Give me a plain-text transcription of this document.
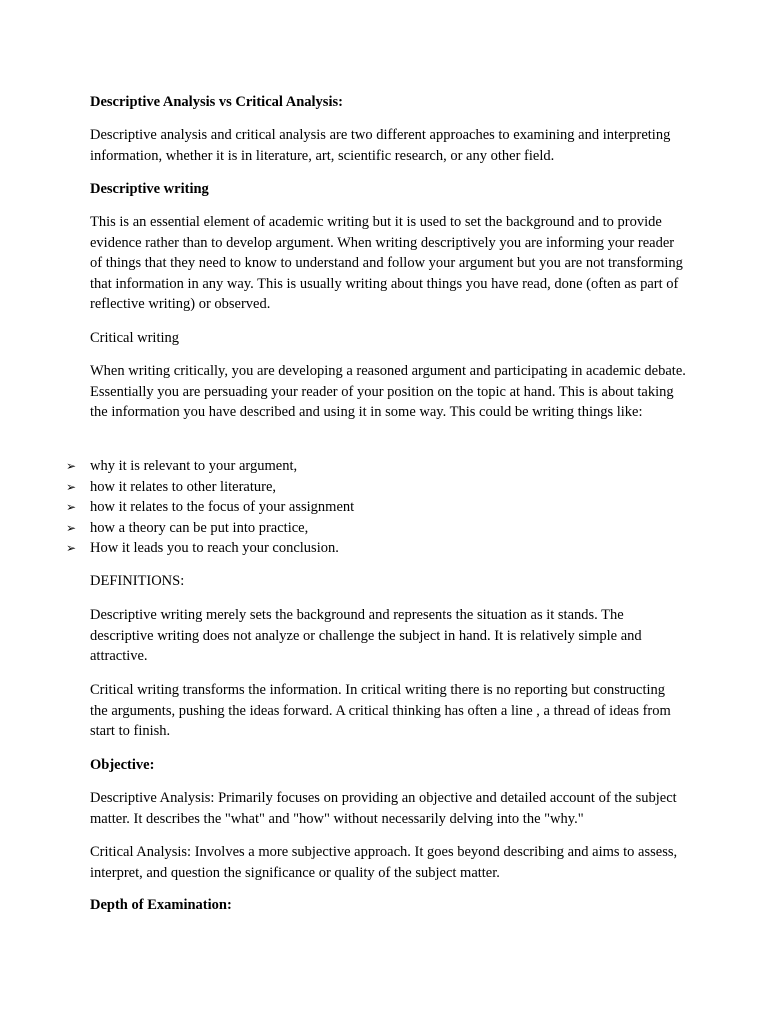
Descriptive Analysis vs Critical Analysis:

Descriptive analysis and critical analysis are two different approaches to examining and interpreting information, whether it is in literature, art, scientific research, or any other field.

Descriptive writing

This is an essential element of academic writing but it is used to set the background and to provide evidence rather than to develop argument. When writing descriptively you are informing your reader of things that they need to know to understand and follow your argument but you are not transforming that information in any way. This is usually writing about things you have read, done (often as part of reflective writing) or observed.

Critical writing

When writing critically, you are developing a reasoned argument and participating in academic debate. Essentially you are persuading your reader of your position on the topic at hand. This is about taking the information you have described and using it in some way. This could be writing things like:

➢ why it is relevant to your argument,
➢ how it relates to other literature,
➢ how it relates to the focus of your assignment
➢ how a theory can be put into practice,
➢ How it leads you to reach your conclusion.

DEFINITIONS:

Descriptive writing merely sets the background and represents the situation as it stands. The descriptive writing does not analyze or challenge the subject in hand. It is relatively simple and attractive.

Critical writing transforms the information. In critical writing there is no reporting but constructing the arguments, pushing the ideas forward. A critical thinking has often a line , a thread of ideas from start to finish.

Objective:

Descriptive Analysis: Primarily focuses on providing an objective and detailed account of the subject matter. It describes the "what" and "how" without necessarily delving into the "why."

Critical Analysis: Involves a more subjective approach. It goes beyond describing and aims to assess, interpret, and question the significance or quality of the subject matter.

Depth of Examination:
